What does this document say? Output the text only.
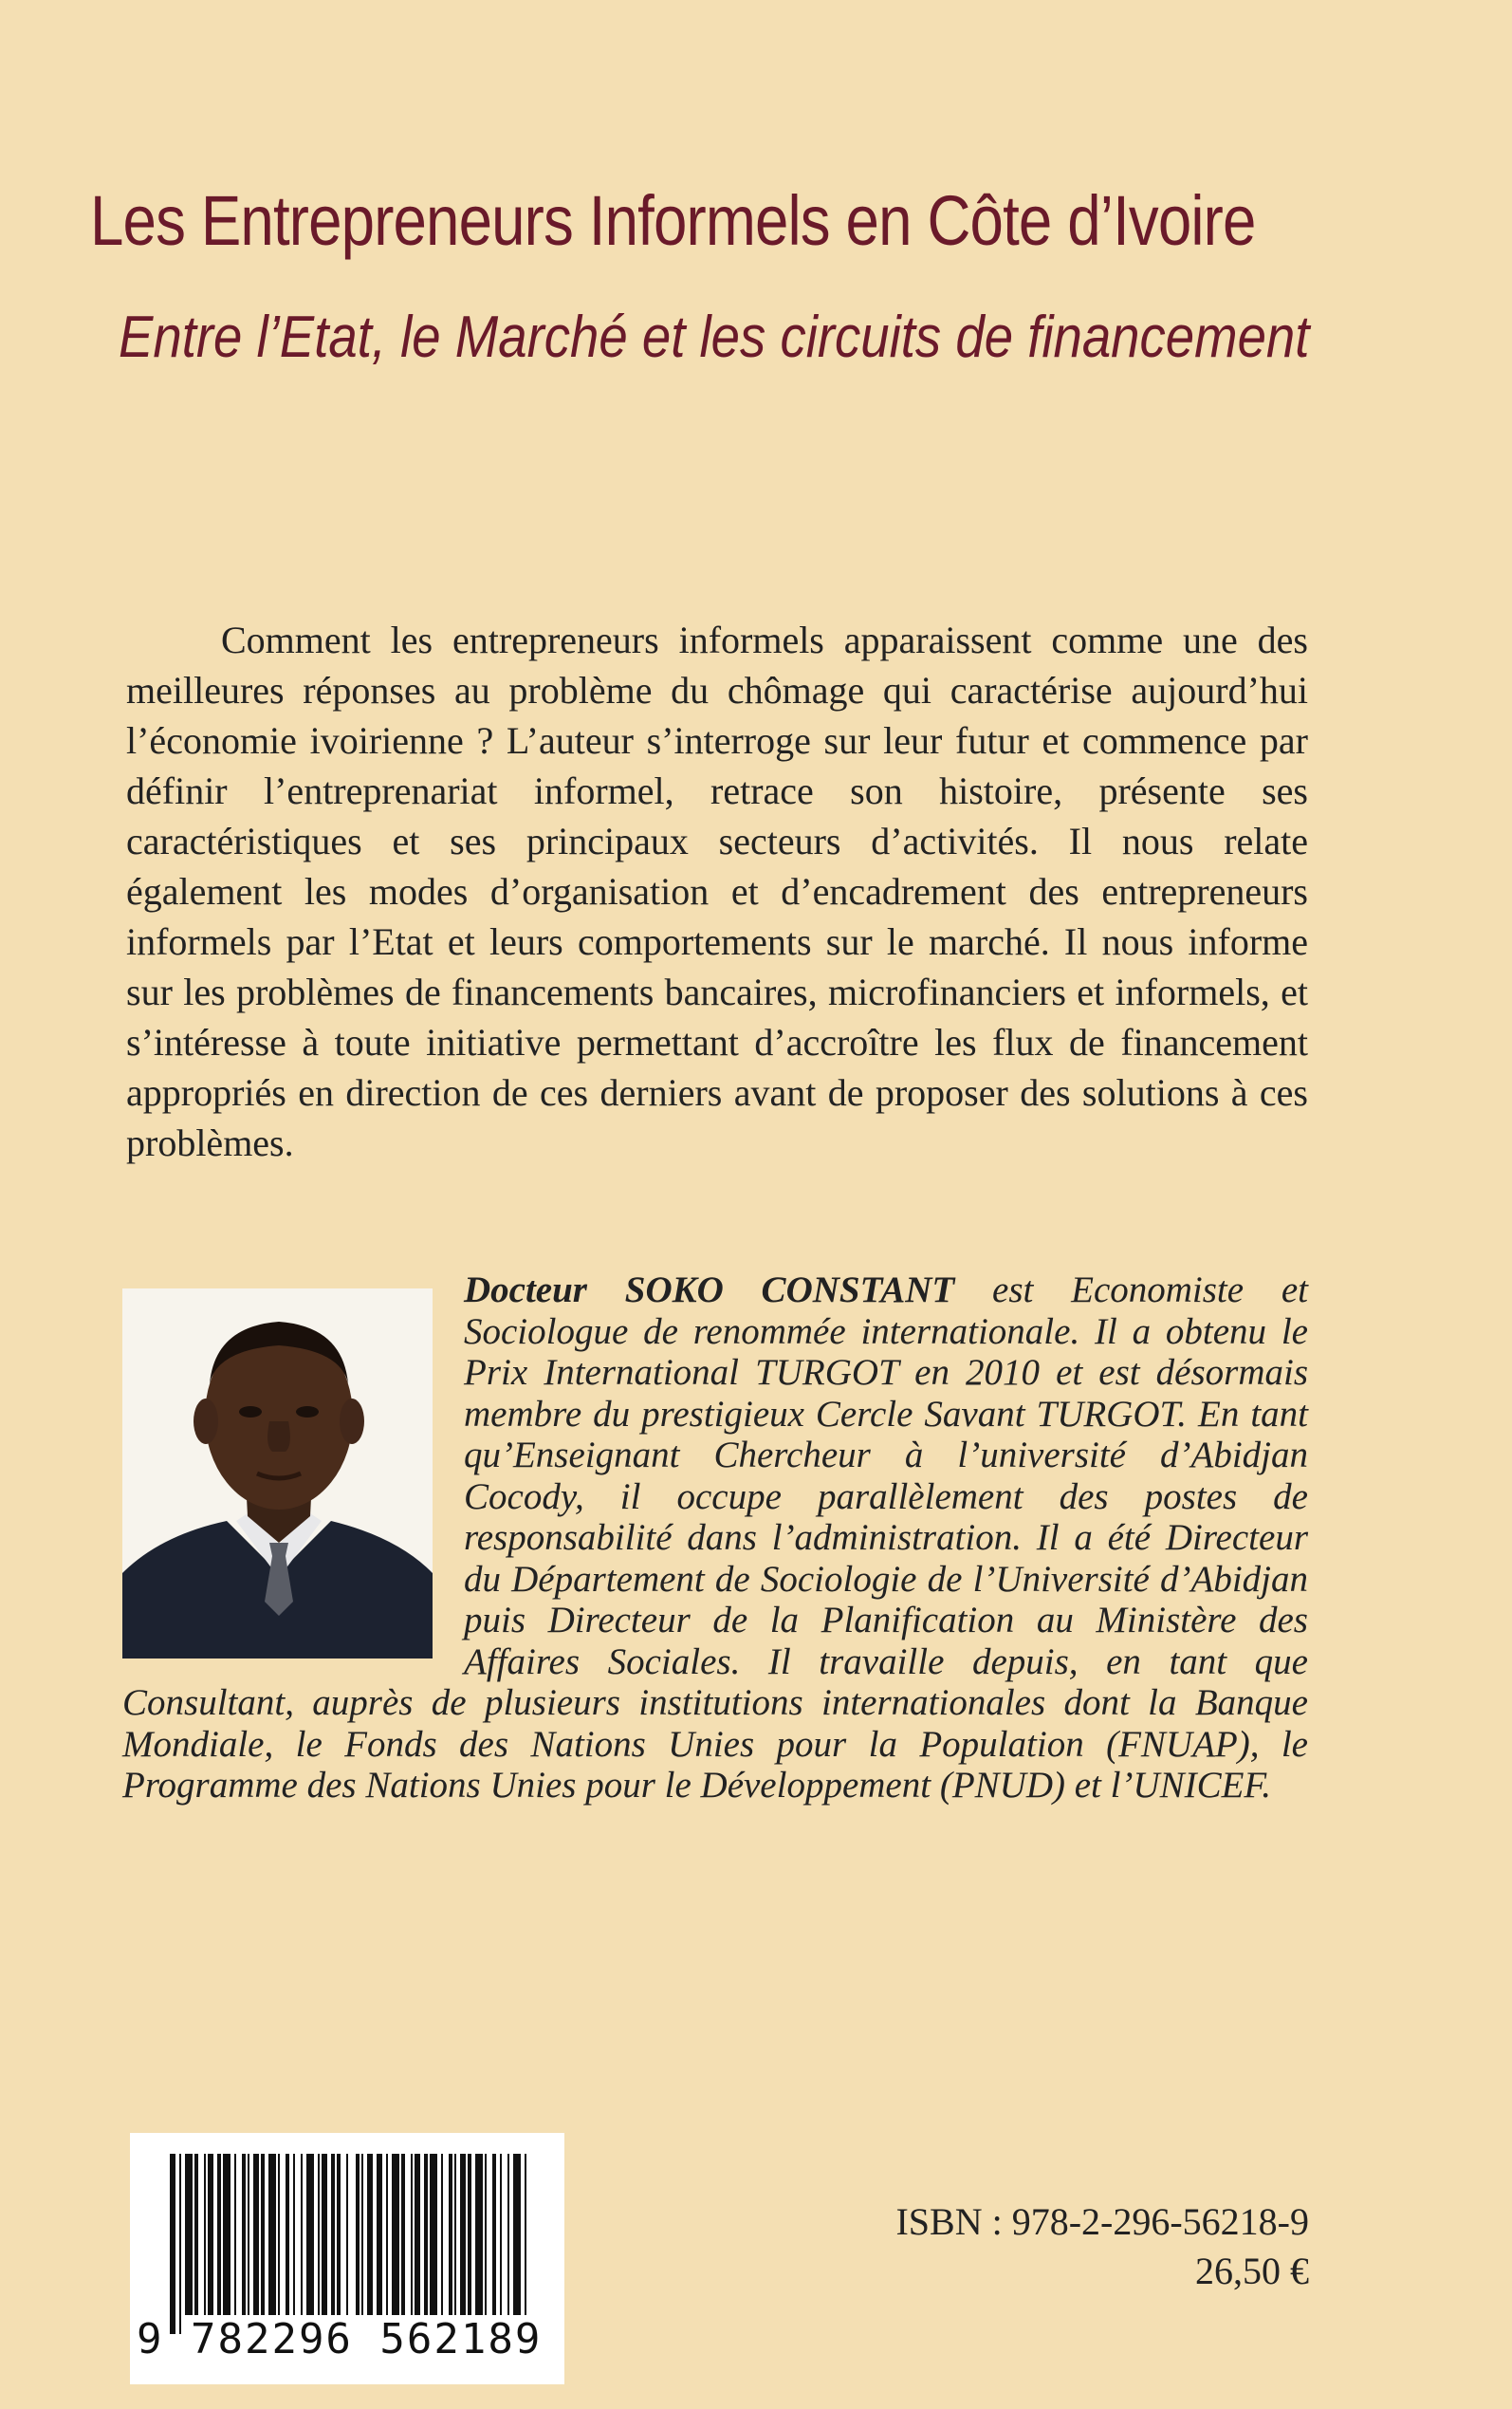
Les Entrepreneurs Informels en Côte d’Ivoire
Entre l’Etat, le Marché et les circuits de financement

Comment les entrepreneurs informels apparaissent comme une des meilleures réponses au problème du chômage qui caractérise aujourd’hui l’économie ivoirienne ? L’auteur s’interroge sur leur futur et commence par définir l’entreprenariat informel, retrace son histoire, présente ses caractéristiques et ses principaux secteurs d’activités. Il nous relate également les modes d’organisation et d’encadrement des entrepreneurs informels par l’Etat et leurs comportements sur le marché. Il nous informe sur les problèmes de financements bancaires, microfinanciers et informels, et s’intéresse à toute initiative permettant d’accroître les flux de financement appropriés en direction de ces derniers avant de proposer des solutions à ces problèmes.

Docteur SOKO CONSTANT est Economiste et Sociologue de renommée internationale. Il a obtenu le Prix International TURGOT en 2010 et est désormais membre du prestigieux Cercle Savant TURGOT. En tant qu’Enseignant Chercheur à l’université d’Abidjan Cocody, il occupe parallèlement des postes de responsabilité dans l’administration. Il a été Directeur du Département de Sociologie de l’Université d’Abidjan puis Directeur de la Planification au Ministère des Affaires Sociales. Il travaille depuis, en tant que Consultant, auprès de plusieurs institutions internationales dont la Banque Mondiale, le Fonds des Nations Unies pour la Population (FNUAP), le Programme des Nations Unies pour le Développement (PNUD) et l’UNICEF.

9 782296 562189
ISBN : 978-2-296-56218-9
26,50 €
